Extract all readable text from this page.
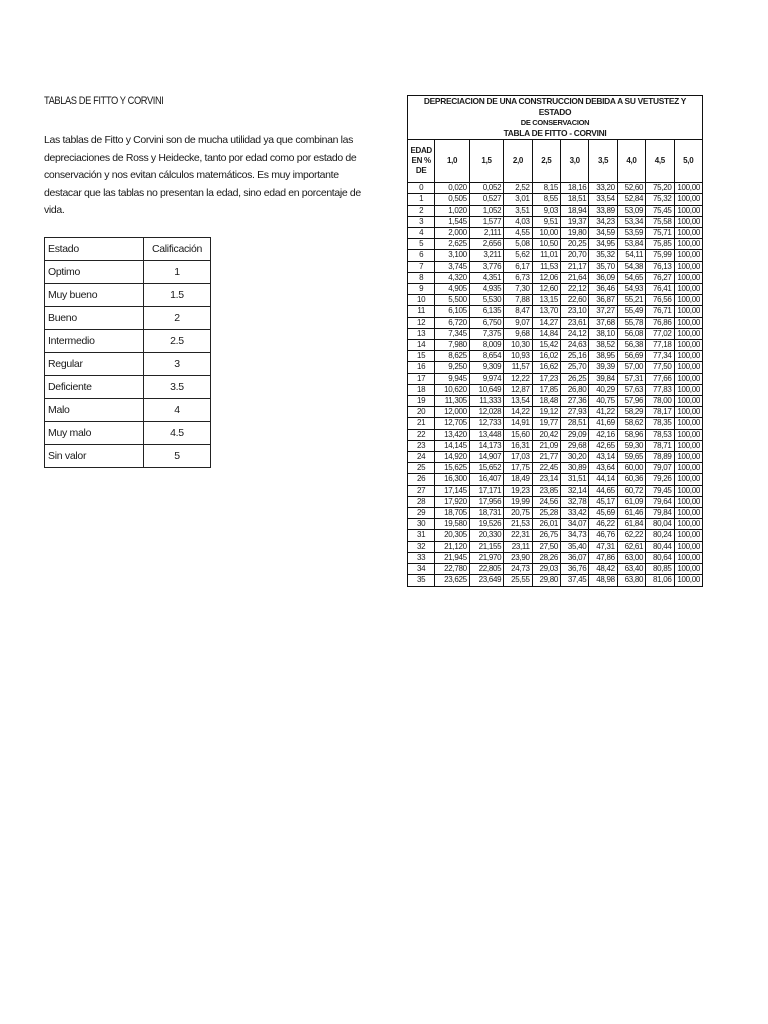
TABLAS DE FITTO Y CORVINI

Las tablas de Fitto y Corvini son de mucha utilidad ya que combinan las depreciaciones de Ross y Heidecke, tanto por edad como por estado de conservación y nos evitan cálculos matemáticos. Es muy importante destacar que las tablas no presentan la edad, sino edad en porcentaje de vida.

Estado	Calificación
Optimo	1
Muy bueno	1.5
Bueno	2
Intermedio	2.5
Regular	3
Deficiente	3.5
Malo	4
Muy malo	4.5
Sin valor	5
DEPRECIACION DE UNA CONSTRUCCION DEBIDA A SU VETUSTEZ Y ESTADO									
DE CONSERVACION									
TABLA DE FITTO - CORVINI									
EDAD
EN %
DE	1,0	1,5	2,0	2,5	3,0	3,5	4,0	4,5	5,0
0	0,020	0,052	2,52	8,15	18,16	33,20	52,60	75,20	100,00
1	0,505	0,527	3,01	8,55	18,51	33,54	52,84	75,32	100,00
2	1,020	1,052	3,51	9,03	18,94	33,89	53,09	75,45	100,00
3	1,545	1,577	4,03	9,51	19,37	34,23	53,34	75,58	100,00
4	2,000	2,111	4,55	10,00	19,80	34,59	53,59	75,71	100,00
5	2,625	2,656	5,08	10,50	20,25	34,95	53,84	75,85	100,00
6	3,100	3,211	5,62	11,01	20,70	35,32	54,11	75,99	100,00
7	3,745	3,776	6,17	11,53	21,17	35,70	54,38	76,13	100,00
8	4,320	4,351	6,73	12,06	21,64	36,09	54,65	76,27	100,00
9	4,905	4,935	7,30	12,60	22,12	36,46	54,93	76,41	100,00
10	5,500	5,530	7,88	13,15	22,60	36,87	55,21	76,56	100,00
11	6,105	6,135	8,47	13,70	23,10	37,27	55,49	76,71	100,00
12	6,720	6,750	9,07	14,27	23,61	37,68	55,78	76,86	100,00
13	7,345	7,375	9,68	14,84	24,12	38,10	56,08	77,02	100,00
14	7,980	8,009	10,30	15,42	24,63	38,52	56,38	77,18	100,00
15	8,625	8,654	10,93	16,02	25,16	38,95	56,69	77,34	100,00
16	9,250	9,309	11,57	16,62	25,70	39,39	57,00	77,50	100,00
17	9,945	9,974	12,22	17,23	26,25	39,84	57,31	77,66	100,00
18	10,620	10,649	12,87	17,85	26,80	40,29	57,63	77,83	100,00
19	11,305	11,333	13,54	18,48	27,36	40,75	57,96	78,00	100,00
20	12,000	12,028	14,22	19,12	27,93	41,22	58,29	78,17	100,00
21	12,705	12,733	14,91	19,77	28,51	41,69	58,62	78,35	100,00
22	13,420	13,448	15,60	20,42	29,09	42,16	58,96	78,53	100,00
23	14,145	14,173	16,31	21,09	29,68	42,65	59,30	78,71	100,00
24	14,920	14,907	17,03	21,77	30,20	43,14	59,65	78,89	100,00
25	15,625	15,652	17,75	22,45	30,89	43,64	60,00	79,07	100,00
26	16,300	16,407	18,49	23,14	31,51	44,14	60,36	79,26	100,00
27	17,145	17,171	19,23	23,85	32,14	44,65	60,72	79,45	100,00
28	17,920	17,956	19,99	24,56	32,78	45,17	61,09	79,64	100,00
29	18,705	18,731	20,75	25,28	33,42	45,69	61,46	79,84	100,00
30	19,580	19,526	21,53	26,01	34,07	46,22	61,84	80,04	100,00
31	20,305	20,330	22,31	26,75	34,73	46,76	62,22	80,24	100,00
32	21,120	21,155	23,11	27,50	35,40	47,31	62,61	80,44	100,00
33	21,945	21,970	23,90	28,26	36,07	47,86	63,00	80,64	100,00
34	22,780	22,805	24,73	29,03	36,76	48,42	63,40	80,85	100,00
35	23,625	23,649	25,55	29,80	37,45	48,98	63,80	81,06	100,00
